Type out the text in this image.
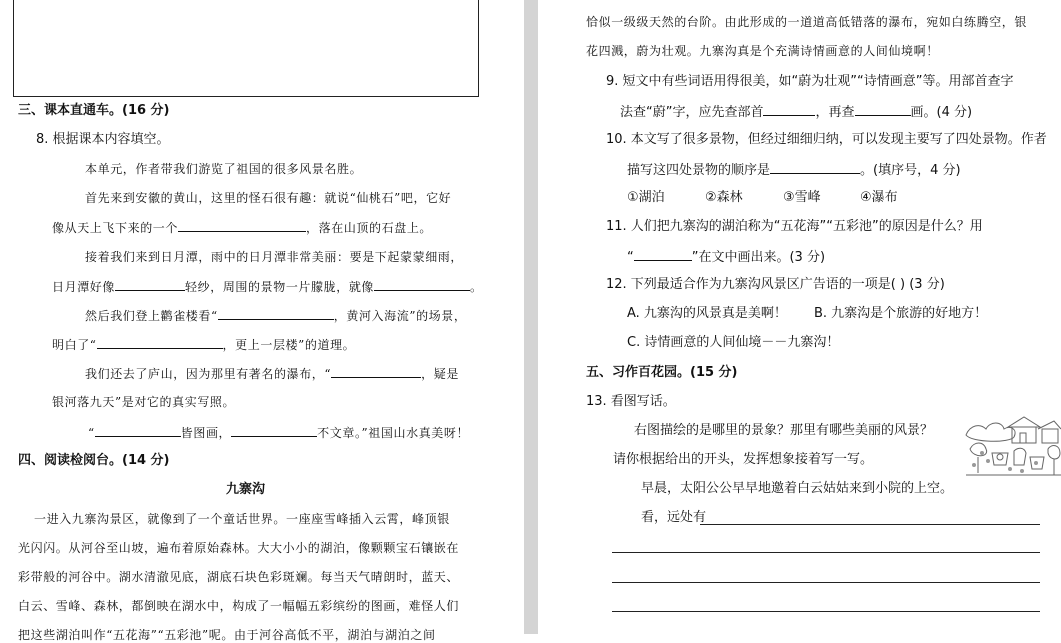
三、课本直通车。(16 分)
8. 根据课本内容填空。
本单元，作者带我们游览了祖国的很多风景名胜。
首先来到安徽的黄山，这里的怪石很有趣：就说“仙桃石”吧，它好
像从天上飞下来的一个	，落在山顶的石盘上。
接着我们来到日月潭，雨中的日月潭非常美丽：要是下起蒙蒙细雨，
日月潭好像	轻纱，周围的景物一片朦胧，就像	。
然后我们登上鹳雀楼看“	，黄河入海流”的场景，
明白了“	，更上一层楼”的道理。
我们还去了庐山，因为那里有著名的瀑布，“	，疑是
银河落九天”是对它的真实写照。
“	皆图画，	不文章。”祖国山水真美呀！
四、阅读检阅台。(14 分)
九寨沟
一进入九寨沟景区，就像到了一个童话世界。一座座雪峰插入云霄，峰顶银
光闪闪。从河谷至山坡，遍布着原始森林。大大小小的湖泊，像颗颗宝石镶嵌在
彩带般的河谷中。湖水清澈见底，湖底石块色彩斑斓。每当天气晴朗时，蓝天、
白云、雪峰、森林，都倒映在湖水中，构成了一幅幅五彩缤纷的图画，难怪人们
把这些湖泊叫作“五花海”“五彩池”呢。由于河谷高低不平，湖泊与湖泊之间
恰似一级级天然的台阶。由此形成的一道道高低错落的瀑布，宛如白练腾空，银
花四溅，蔚为壮观。九寨沟真是个充满诗情画意的人间仙境啊！
9. 短文中有些词语用得很美，如“蔚为壮观”“诗情画意”等。用部首查字
法查“蔚”字，应先查部首	，再查	画。(4 分)
10. 本文写了很多景物，但经过细细归纳，可以发现主要写了四处景物。作者
描写这四处景物的顺序是	。(填序号，4 分)
①湖泊	②森林	③雪峰	④瀑布
11. 人们把九寨沟的湖泊称为“五花海”“五彩池”的原因是什么？用
“	”在文中画出来。(3 分)
12. 下列最适合作为九寨沟风景区广告语的一项是( ) (3 分)
A. 九寨沟的风景真是美啊！ B. 九寨沟是个旅游的好地方！
C. 诗情画意的人间仙境－－九寨沟！
五、习作百花园。(15 分)
13. 看图写话。
右图描绘的是哪里的景象？那里有哪些美丽的风景？
请你根据给出的开头，发挥想象接着写一写。
早晨，太阳公公早早地邀着白云姑姑来到小院的上空。
看，远处有
